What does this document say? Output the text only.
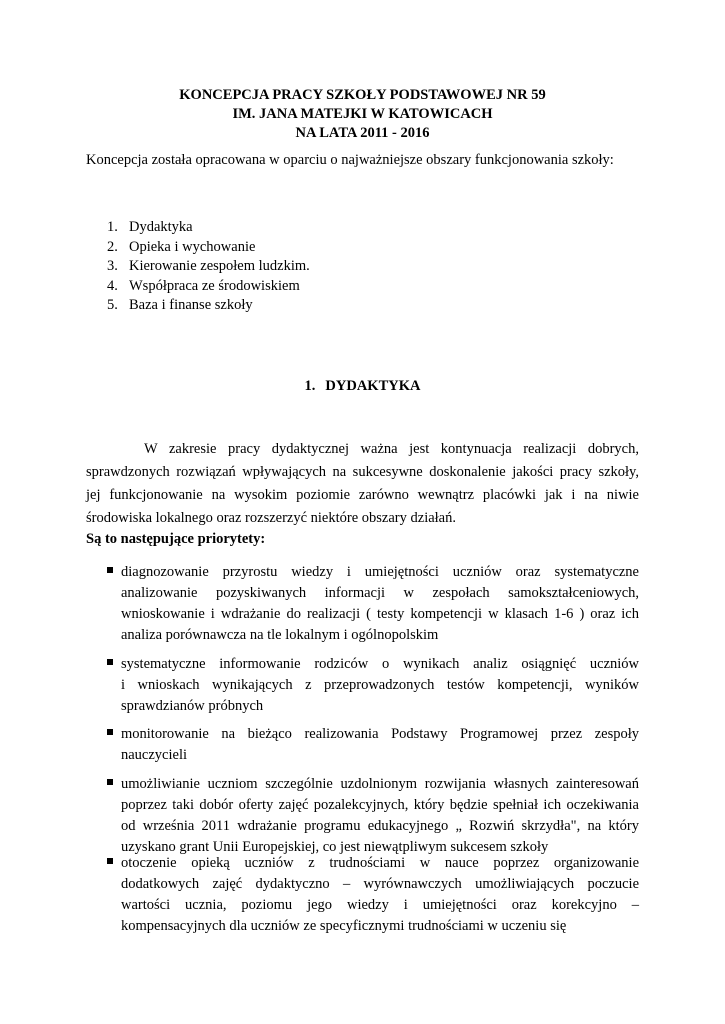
KONCEPCJA PRACY SZKOŁY PODSTAWOWEJ NR 59
IM. JANA MATEJKI W KATOWICACH
NA LATA 2011 - 2016
Koncepcja została opracowana w oparciu o najważniejsze obszary funkcjonowania szkoły:
1. Dydaktyka
2. Opieka i wychowanie
3. Kierowanie zespołem ludzkim.
4. Współpraca ze środowiskiem
5. Baza i finanse szkoły
1. DYDAKTYKA
W zakresie pracy dydaktycznej ważna jest kontynuacja realizacji dobrych,
sprawdzonych rozwiązań wpływających na sukcesywne doskonalenie jakości pracy szkoły,
jej funkcjonowanie na wysokim poziomie zarówno wewnątrz placówki jak i na niwie
środowiska lokalnego oraz rozszerzyć niektóre obszary działań.
Są to następujące priorytety:
diagnozowanie przyrostu wiedzy i umiejętności uczniów oraz systematyczne
analizowanie pozyskiwanych informacji w zespołach samokształceniowych,
wnioskowanie i wdrażanie do realizacji ( testy kompetencji w klasach 1-6 ) oraz ich
analiza porównawcza na tle lokalnym i ogólnopolskim
systematyczne informowanie rodziców o wynikach analiz osiągnięć uczniów
i wnioskach wynikających z przeprowadzonych testów kompetencji, wyników
sprawdzianów próbnych
monitorowanie na bieżąco realizowania Podstawy Programowej przez zespoły
nauczycieli
umożliwianie uczniom szczególnie uzdolnionym rozwijania własnych zainteresowań
poprzez taki dobór oferty zajęć pozalekcyjnych, który będzie spełniał ich oczekiwania
od września 2011 wdrażanie programu edukacyjnego „ Rozwiń skrzydła", na który
uzyskano grant Unii Europejskiej, co jest niewątpliwym sukcesem szkoły
otoczenie opieką uczniów z trudnościami w nauce poprzez organizowanie
dodatkowych zajęć dydaktyczno – wyrównawczych umożliwiających poczucie
wartości ucznia, poziomu jego wiedzy i umiejętności oraz korekcyjno –
kompensacyjnych dla uczniów ze specyficznymi trudnościami w uczeniu się
